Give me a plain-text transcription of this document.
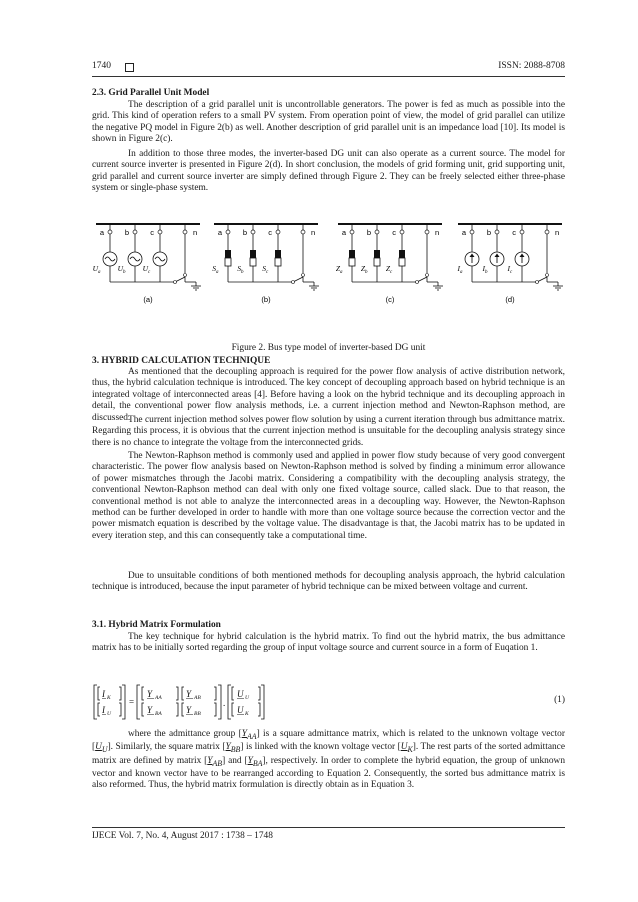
1740	ISSN: 2088-8708
2.3. Grid Parallel Unit Model

The description of a grid parallel unit is uncontrollable generators. The power is fed as much as possible into the grid. This kind of operation refers to a small PV system. From operation point of view, the model of grid parallel can utilize the negative PQ model in Figure 2(b) as well. Another description of grid parallel unit is an impedance load [10]. Its model is shown in Figure 2(c).

In addition to those three modes, the inverter-based DG unit can also operate as a current source. The model for current source inverter is presented in Figure 2(d). In short conclusion, the models of grid forming unit, grid supporting unit, grid parallel and current source inverter are simply defined through Figure 2. They can be freely selected either three-phase system or single-phase system.

a
U a
b
U b
c
U c
n
(a)
a
S a
b
S b
c
S c
n
(b)
a
Z a
b
Z b
c
Z c
n
(c)
a
I a
b
I b
c
I c
n
(d)
Figure 2. Bus type model of inverter-based DG unit
3. HYBRID CALCULATION TECHNIQUE

As mentioned that the decoupling approach is required for the power flow analysis of active distribution network, thus, the hybrid calculation technique is introduced. The key concept of decoupling approach based on hybrid technique is an integrated voltage of interconnected areas [4]. Before having a look on the hybrid technique and its decoupling approach in detail, the conventional power flow analysis methods, i.e. a current injection method and Newton-Raphson method, are discussed.

The current injection method solves power flow solution by using a current iteration through bus admittance matrix. Regarding this process, it is obvious that the current injection method is unsuitable for the decoupling analysis strategy since there is no chance to integrate the voltage from the interconnected grids.

The Newton-Raphson method is commonly used and applied in power flow study because of very good convergent characteristic. The power flow analysis based on Newton-Raphson method is solved by finding a minimum error allowance of power mismatches through the Jacobi matrix. Considering a compatibility with the decoupling analysis strategy, the conventional Newton-Raphson method can deal with only one fixed voltage source, called slack. Due to that reason, the conventional method is not able to analyze the interconnected areas in a decoupling way. However, the Newton-Raphson method can be further developed in order to handle with more than one voltage source because the correction vector and the power mismatch equation is described by the voltage value. The disadvantage is that, the Jacobi matrix has to be updated in every iteration step, and this can consequently take a computational time.

Due to unsuitable conditions of both mentioned methods for decoupling analysis approach, the hybrid calculation technique is introduced, because the input parameter of hybrid technique can be mixed between voltage and current.

3.1. Hybrid Matrix Formulation

The key technique for hybrid calculation is the hybrid matrix. To find out the hybrid matrix, the bus admittance matrix has to be initially sorted regarding the group of input voltage source and current source in a form of Euqation 1.

I K
I U
=
Y AA	Y AB
Y BA	Y BB
.
U U
U K
(1)

where the admittance group $[Y_{AA}]$ is a square admittance matrix, which is related to the unknown voltage vector $[U_U]$. Similarly, the square matrix $[Y_{BB}]$ is linked with the known voltage vector $[U_K]$. The rest parts of the sorted admittance matrix are defined by matrix $[Y_{AB}]$ and $[Y_{BA}]$, respectively. In order to complete the hybrid equation, the group of unknown vector and known vector have to be rearranged according to Equation 2. Consequently, the sorted bus admittance matrix is also reformed. Thus, the hybrid matrix formulation is directly obtain as in Equation 3.

IJECE Vol. 7, No. 4, August 2017 : 1738 – 1748
